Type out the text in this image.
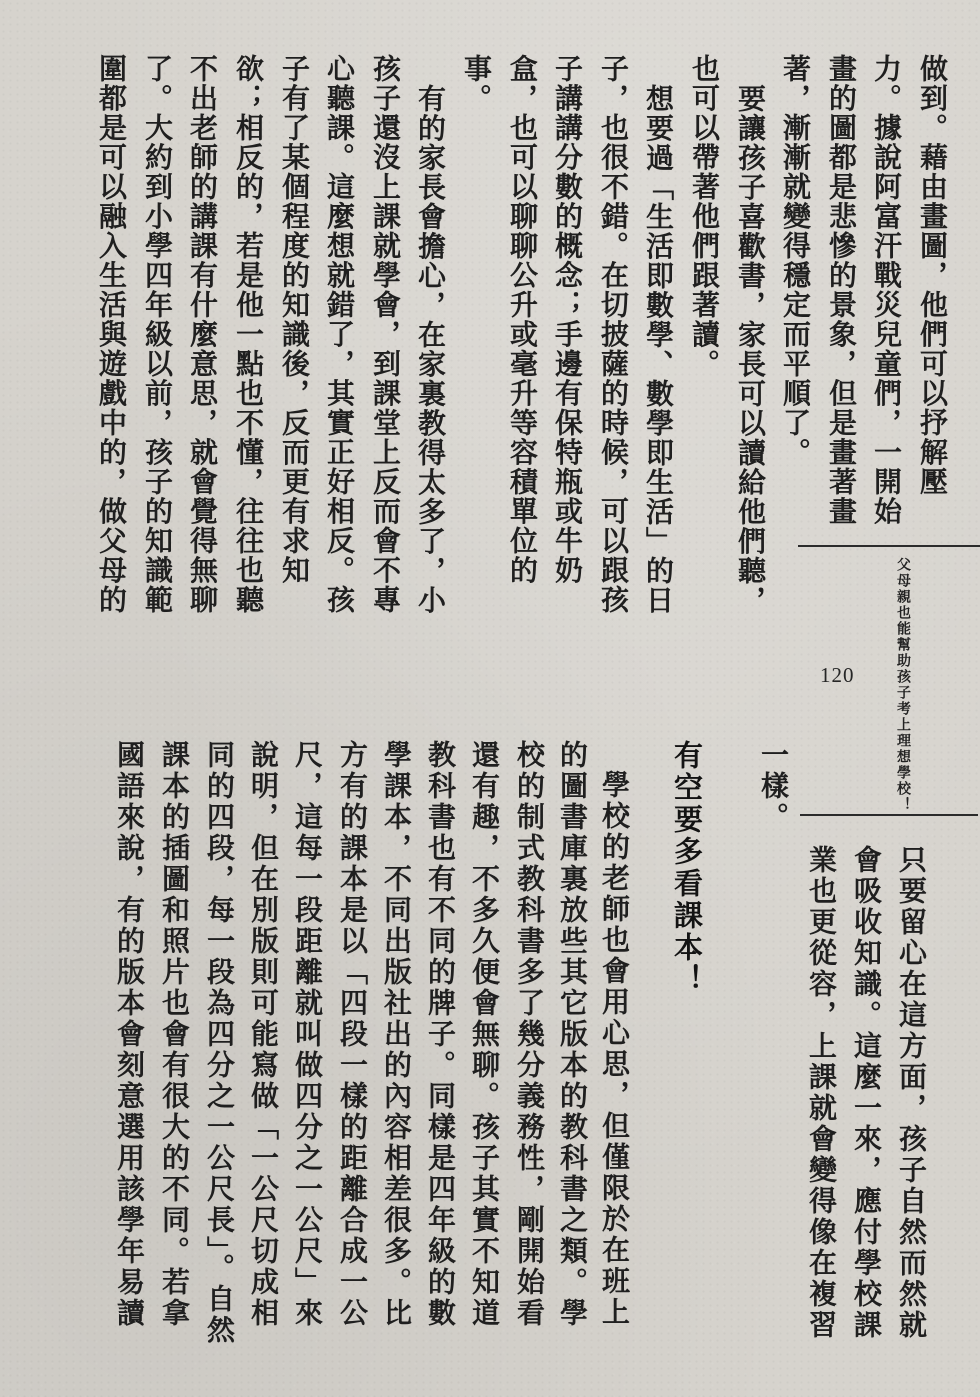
做到。藉由畫圖，他們可以抒解壓
力。據說阿富汗戰災兒童們，一開始
畫的圖都是悲慘的景象，但是畫著畫
著，漸漸就變得穩定而平順了。
要讓孩子喜歡書，家長可以讀給他們聽，
也可以帶著他們跟著讀。
想要過「生活即數學、數學即生活」的日
子，也很不錯。在切披薩的時候，可以跟孩
子講講分數的概念；手邊有保特瓶或牛奶
盒，也可以聊聊公升或毫升等容積單位的
事。
有的家長會擔心，在家裏教得太多了，小
孩子還沒上課就學會，到課堂上反而會不專
心聽課。這麼想就錯了，其實正好相反。孩
子有了某個程度的知識後，反而更有求知
欲；相反的，若是他一點也不懂，往往也聽
不出老師的講課有什麼意思，就會覺得無聊
了。大約到小學四年級以前，孩子的知識範
圍都是可以融入生活與遊戲中的，做父母的
父母親也能幫助孩子考上理想學校！
120
只要留心在這方面，孩子自然而然就
會吸收知識。這麼一來，應付學校課
業也更從容，上課就會變得像在複習
一樣。
有空要多看課本！
學校的老師也會用心思，但僅限於在班上
的圖書庫裏放些其它版本的教科書之類。學
校的制式教科書多了幾分義務性，剛開始看
還有趣，不多久便會無聊。孩子其實不知道
教科書也有不同的牌子。同樣是四年級的數
學課本，不同出版社出的內容相差很多。比
方有的課本是以「四段一樣的距離合成一公
尺，這每一段距離就叫做四分之一公尺」來
說明，但在別版則可能寫做「一公尺切成相
同的四段，每一段為四分之一公尺長」。自然
課本的插圖和照片也會有很大的不同。若拿
國語來說，有的版本會刻意選用該學年易讀
